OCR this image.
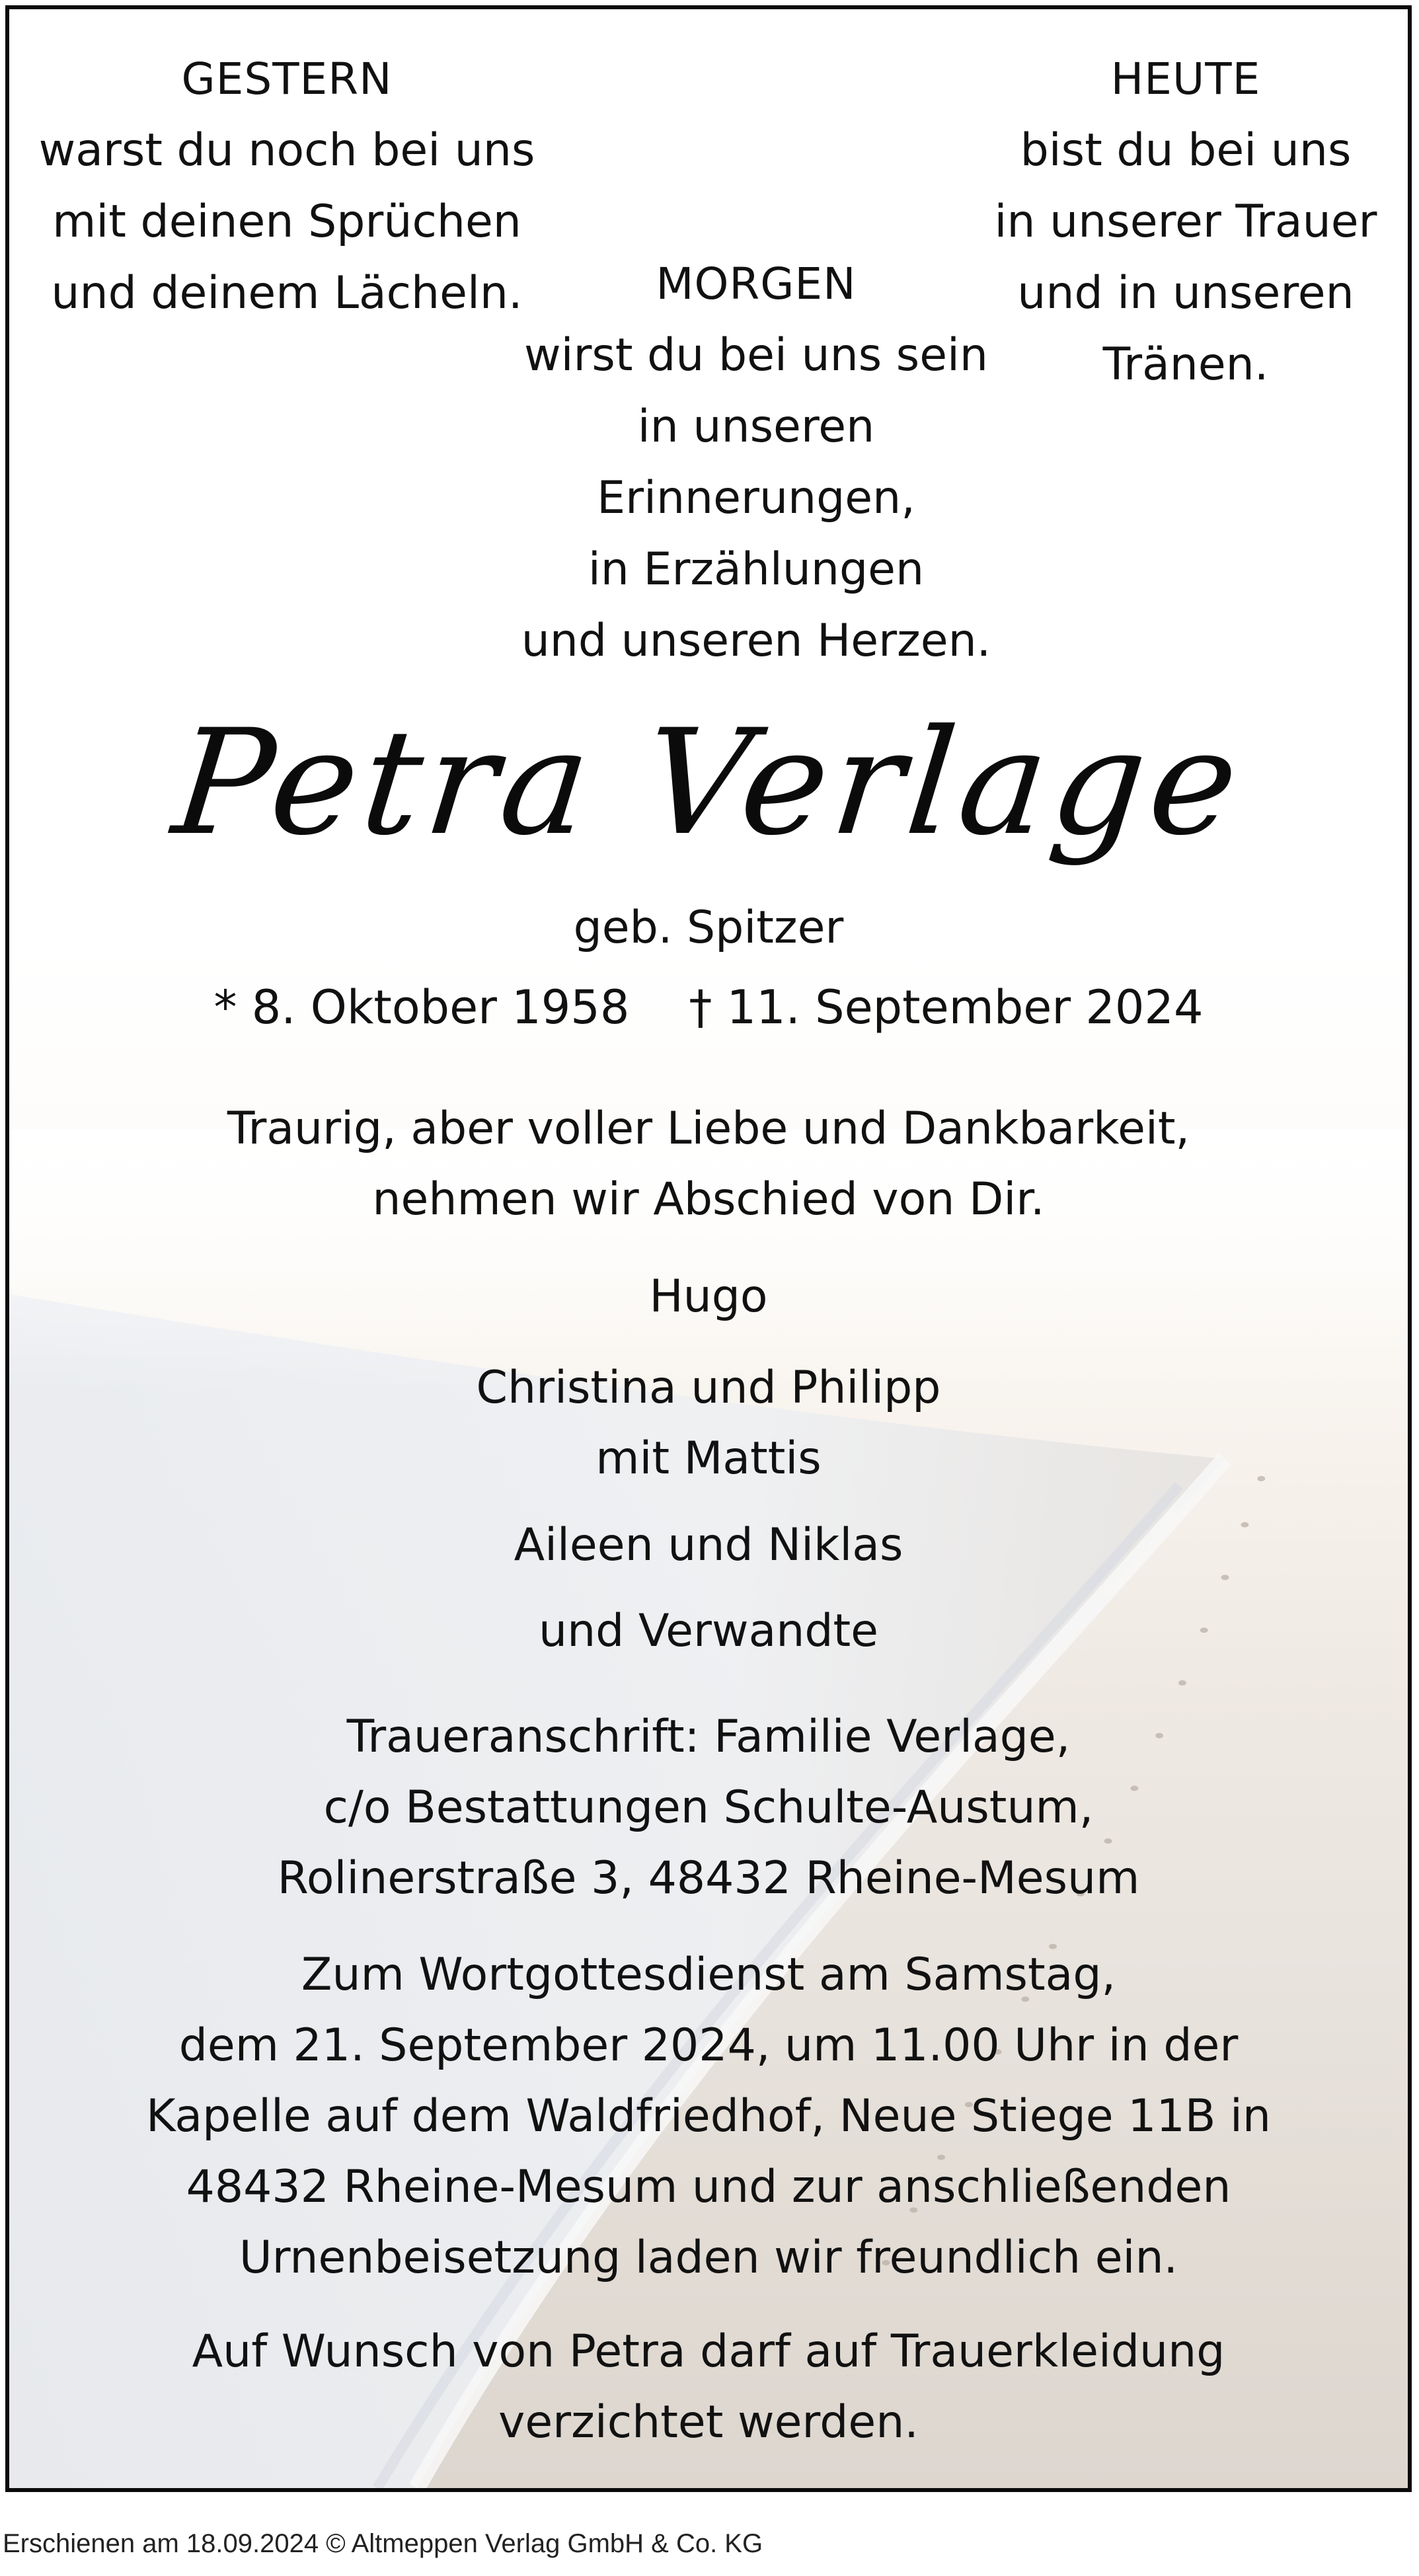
GESTERN
warst du noch bei uns
mit deinen Sprüchen
und deinem Lächeln.
HEUTE
bist du bei uns
in unserer Trauer
und in unseren
Tränen.
MORGEN
wirst du bei uns sein
in unseren
Erinnerungen,
in Erzählungen
und unseren Herzen.
Petra Verlage
geb. Spitzer
* 8. Oktober 1958 † 11. September 2024
Traurig, aber voller Liebe und Dankbarkeit,
nehmen wir Abschied von Dir.
Hugo
Christina und Philipp
mit Mattis
Aileen und Niklas
und Verwandte
Traueranschrift: Familie Verlage,
c/o Bestattungen Schulte-Austum,
Rolinerstraße 3, 48432 Rheine-Mesum
Zum Wortgottesdienst am Samstag,
dem 21. September 2024, um 11.00 Uhr in der
Kapelle auf dem Waldfriedhof, Neue Stiege 11B in
48432 Rheine-Mesum und zur anschließenden
Urnenbeisetzung laden wir freundlich ein.
Auf Wunsch von Petra darf auf Trauerkleidung
verzichtet werden.
Erschienen am 18.09.2024 © Altmeppen Verlag GmbH & Co. KG
